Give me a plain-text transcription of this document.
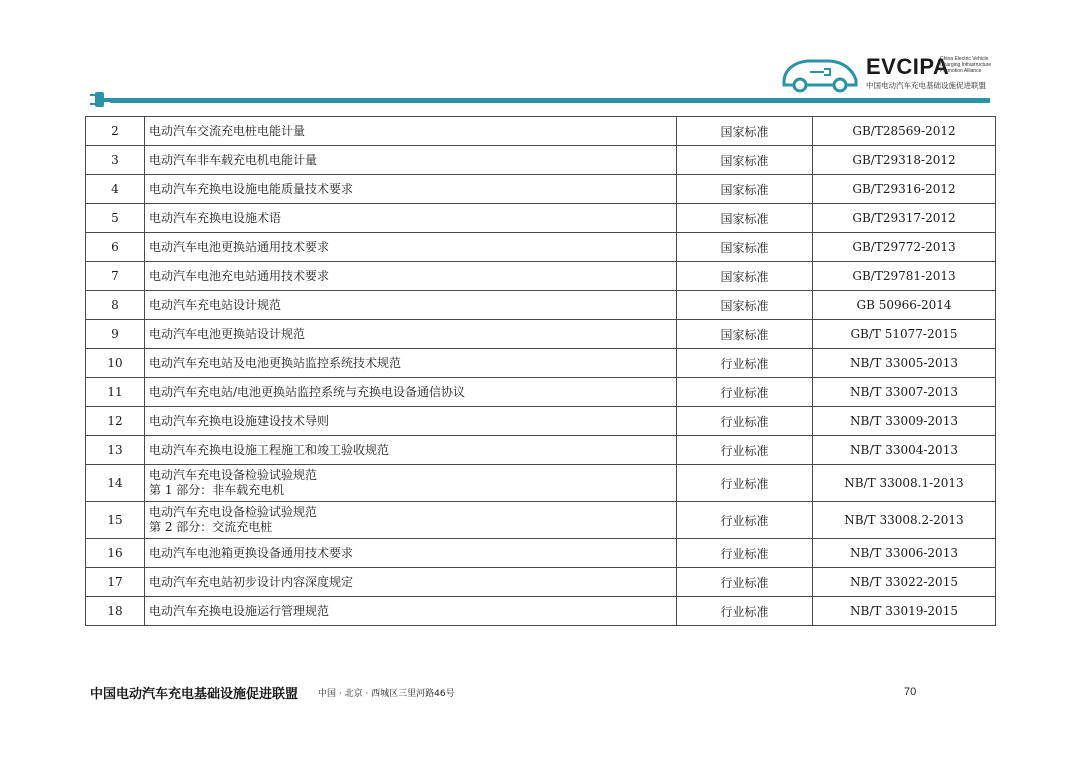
EVCIPA
China Electric Vehicle Charging Infrastructure Promotion Alliance
中国电动汽车充电基础设施促进联盟
2	电动汽车交流充电桩电能计量	国家标准	GB/T28569-2012
3	电动汽车非车载充电机电能计量	国家标准	GB/T29318-2012
4	电动汽车充换电设施电能质量技术要求	国家标准	GB/T29316-2012
5	电动汽车充换电设施术语	国家标准	GB/T29317-2012
6	电动汽车电池更换站通用技术要求	国家标准	GB/T29772-2013
7	电动汽车电池充电站通用技术要求	国家标准	GB/T29781-2013
8	电动汽车充电站设计规范	国家标准	GB 50966-2014
9	电动汽车电池更换站设计规范	国家标准	GB/T 51077-2015
10	电动汽车充电站及电池更换站监控系统技术规范	行业标准	NB/T 33005-2013
11	电动汽车充电站/电池更换站监控系统与充换电设备通信协议	行业标准	NB/T 33007-2013
12	电动汽车充换电设施建设技术导则	行业标准	NB/T 33009-2013
13	电动汽车充换电设施工程施工和竣工验收规范	行业标准	NB/T 33004-2013
14	电动汽车充电设备检验试验规范
第 1 部分：非车载充电机	行业标准	NB/T 33008.1-2013
15	电动汽车充电设备检验试验规范
第 2 部分：交流充电桩	行业标准	NB/T 33008.2-2013
16	电动汽车电池箱更换设备通用技术要求	行业标准	NB/T 33006-2013
17	电动汽车充电站初步设计内容深度规定	行业标准	NB/T 33022-2015
18	电动汽车充换电设施运行管理规范	行业标准	NB/T 33019-2015
中国电动汽车充电基础设施促进联盟 中国 · 北京 · 西城区三里河路46号	70
